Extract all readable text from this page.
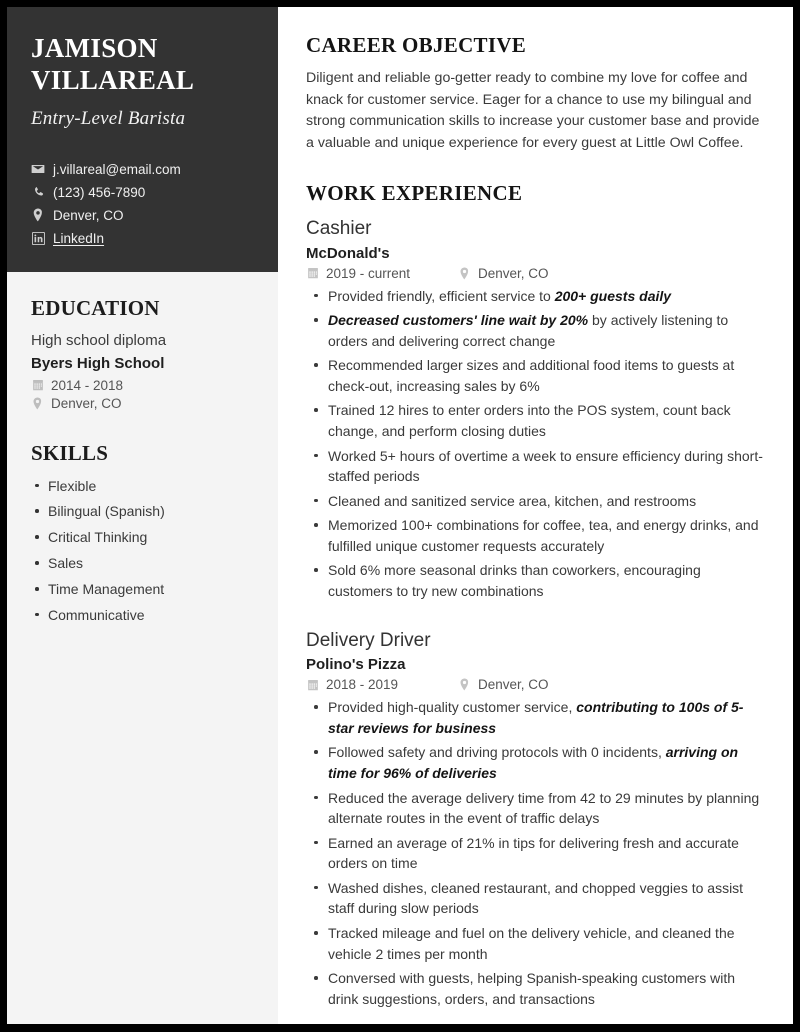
JAMISON
VILLAREAL
Entry-Level Barista
j.villareal@email.com
(123) 456-7890
Denver, CO
LinkedIn
EDUCATION
High school diploma
Byers High School
2014 - 2018
Denver, CO
SKILLS
Flexible
Bilingual (Spanish)
Critical Thinking
Sales
Time Management
Communicative
CAREER OBJECTIVE

Diligent and reliable go-getter ready to combine my love for coffee and knack for customer service. Eager for a chance to use my bilingual and strong communication skills to increase your customer base and provide a valuable and unique experience for every guest at Little Owl Coffee.

WORK EXPERIENCE
Cashier
McDonald's
2019 - current	Denver, CO
Provided friendly, efficient service to 200+ guests daily
Decreased customers' line wait by 20% by actively listening to orders and delivering correct change
Recommended larger sizes and additional food items to guests at check-out, increasing sales by 6%
Trained 12 hires to enter orders into the POS system, count back change, and perform closing duties
Worked 5+ hours of overtime a week to ensure efficiency during short-staffed periods
Cleaned and sanitized service area, kitchen, and restrooms
Memorized 100+ combinations for coffee, tea, and energy drinks, and fulfilled unique customer requests accurately
Sold 6% more seasonal drinks than coworkers, encouraging customers to try new combinations
Delivery Driver
Polino's Pizza
2018 - 2019	Denver, CO
Provided high-quality customer service, contributing to 100s of 5-star reviews for business
Followed safety and driving protocols with 0 incidents, arriving on time for 96% of deliveries
Reduced the average delivery time from 42 to 29 minutes by planning alternate routes in the event of traffic delays
Earned an average of 21% in tips for delivering fresh and accurate orders on time
Washed dishes, cleaned restaurant, and chopped veggies to assist staff during slow periods
Tracked mileage and fuel on the delivery vehicle, and cleaned the vehicle 2 times per month
Conversed with guests, helping Spanish-speaking customers with drink suggestions, orders, and transactions
